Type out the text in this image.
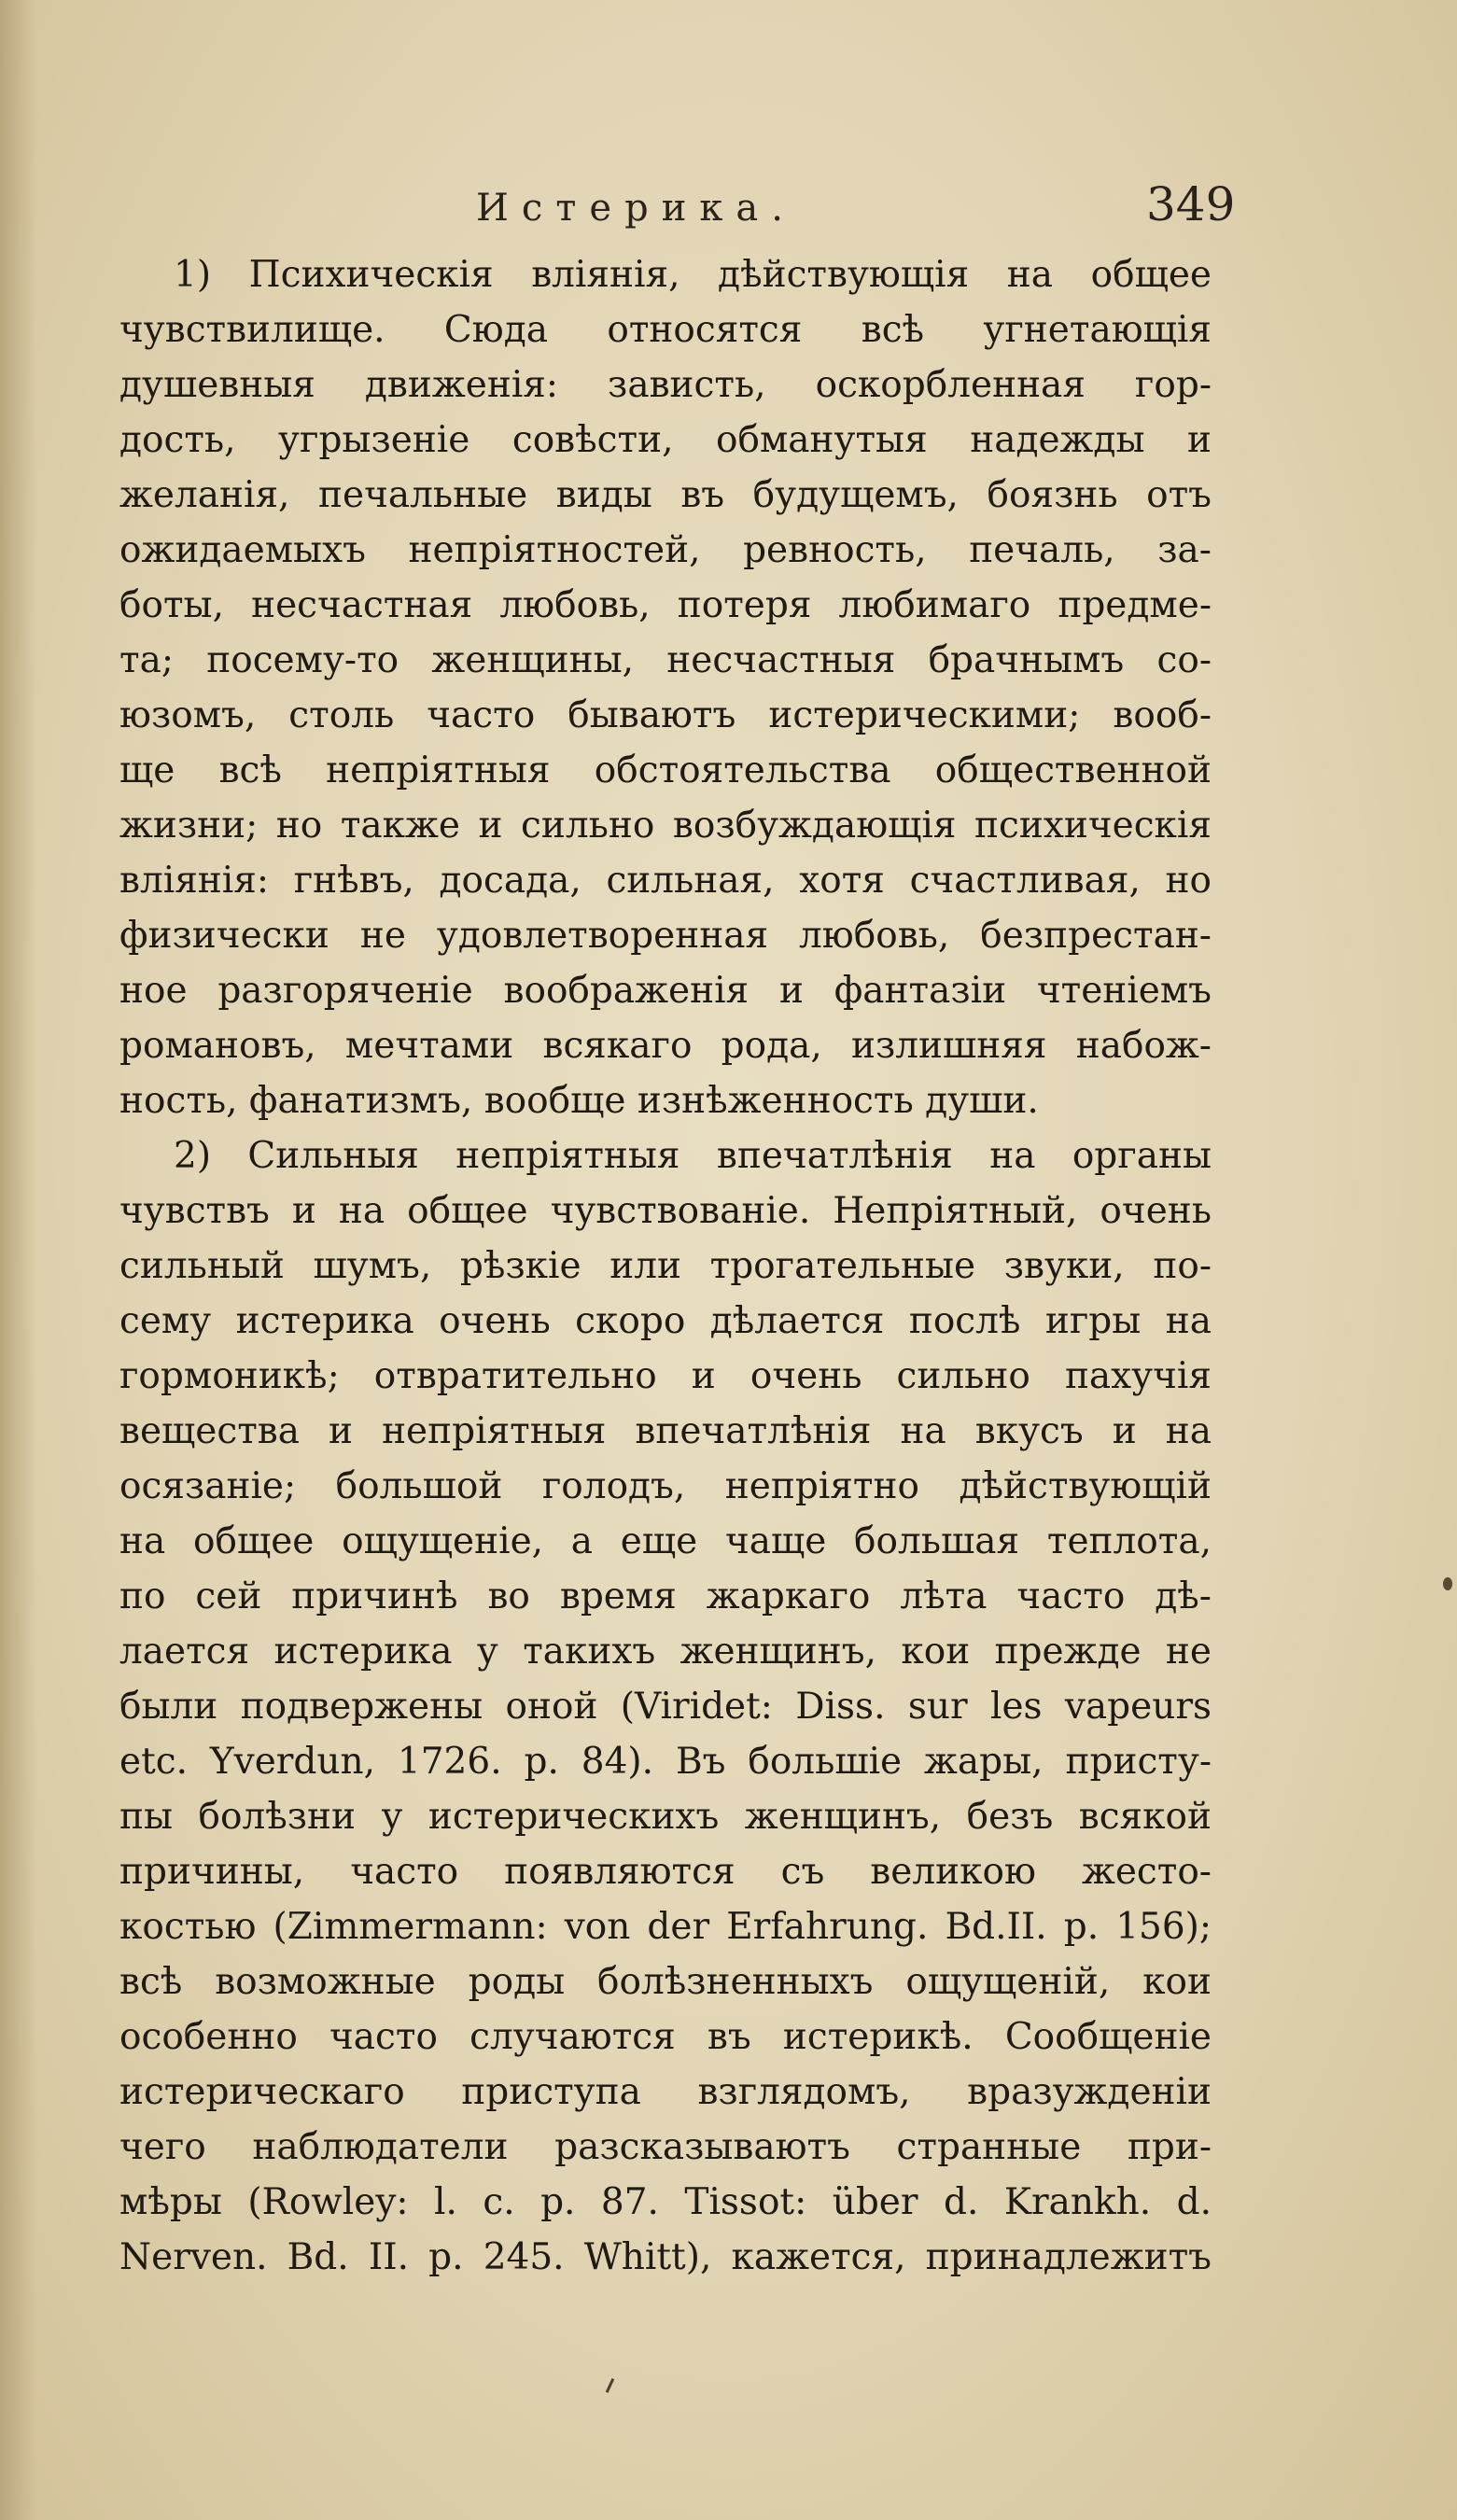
Истерика.	349
1) Психическія вліянія, дѣйствующія на общее
чувствилище. Сюда относятся всѣ угнетающія
душевныя движенія: зависть, оскорбленная гор-
дость, угрызеніе совѣсти, обманутыя надежды и
желанія, печальные виды въ будущемъ, боязнь отъ
ожидаемыхъ непріятностей, ревность, печаль, за-
боты, несчастная любовь, потеря любимаго предме-
та; посему-то женщины, несчастныя брачнымъ со-
юзомъ, столь часто бываютъ истерическими; вооб-
ще всѣ непріятныя обстоятельства общественной
жизни; но также и сильно возбуждающія психическія
вліянія: гнѣвъ, досада, сильная, хотя счастливая, но
физически не удовлетворенная любовь, безпрестан-
ное разгоряченіе воображенія и фантазіи чтеніемъ
романовъ, мечтами всякаго рода, излишняя набож-
ность, фанатизмъ, вообще изнѣженность души.
2) Сильныя непріятныя впечатлѣнія на органы
чувствъ и на общее чувствованіе. Непріятный, очень
сильный шумъ, рѣзкіе или трогательные звуки, по-
сему истерика очень скоро дѣлается послѣ игры на
гормоникѣ; отвратительно и очень сильно пахучія
вещества и непріятныя впечатлѣнія на вкусъ и на
осязаніе; большой голодъ, непріятно дѣйствующій
на общее ощущеніе, а еще чаще большая теплота,
по сей причинѣ во время жаркаго лѣта часто дѣ-
лается истерика у такихъ женщинъ, кои прежде не
были подвержены оной (Viridet: Diss. sur les vapeurs
etc. Yverdun, 1726. p. 84). Въ большіе жары, присту-
пы болѣзни у истерическихъ женщинъ, безъ всякой
причины, часто появляются съ великою жесто-
костью (Zimmermann: von der Erfahrung. Bd.II. p. 156);
всѣ возможные роды болѣзненныхъ ощущеній, кои
особенно часто случаются въ истерикѣ. Сообщеніе
истерическаго приступа взглядомъ, вразужденіи
чего наблюдатели разсказываютъ странные при-
мѣры (Rowley: l. c. p. 87. Tissot: über d. Krankh. d.
Nerven. Bd. II. p. 245. Whitt), кажется, принадлежитъ
